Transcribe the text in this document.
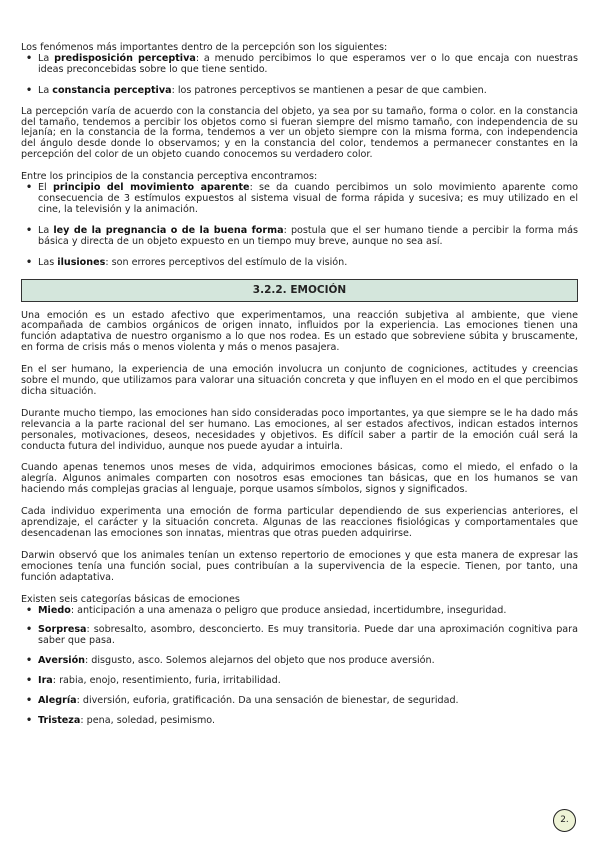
Los fenómenos más importantes dentro de la percepción son los siguientes:

• La predisposición perceptiva: a menudo percibimos lo que esperamos ver o lo que encaja con nuestras ideas preconcebidas sobre lo que tiene sentido.
• La constancia perceptiva: los patrones perceptivos se mantienen a pesar de que cambien.

La percepción varía de acuerdo con la constancia del objeto, ya sea por su tamaño, forma o color. en la constancia del tamaño, tendemos a percibir los objetos como si fueran siempre del mismo tamaño, con independencia de su lejanía; en la constancia de la forma, tendemos a ver un objeto siempre con la misma forma, con independencia del ángulo desde donde lo observamos; y en la constancia del color, tendemos a permanecer constantes en la percepción del color de un objeto cuando conocemos su verdadero color.

Entre los principios de la constancia perceptiva encontramos:

• El principio del movimiento aparente: se da cuando percibimos un solo movimiento aparente como consecuencia de 3 estímulos expuestos al sistema visual de forma rápida y sucesiva; es muy utilizado en el cine, la televisión y la animación.
• La ley de la pregnancia o de la buena forma: postula que el ser humano tiende a percibir la forma más básica y directa de un objeto expuesto en un tiempo muy breve, aunque no sea así.
• Las ilusiones: son errores perceptivos del estímulo de la visión.
3.2.2. EMOCIÓN

Una emoción es un estado afectivo que experimentamos, una reacción subjetiva al ambiente, que viene acompañada de cambios orgánicos de origen innato, influidos por la experiencia. Las emociones tienen una función adaptativa de nuestro organismo a lo que nos rodea. Es un estado que sobreviene súbita y bruscamente, en forma de crisis más o menos violenta y más o menos pasajera.

En el ser humano, la experiencia de una emoción involucra un conjunto de cogniciones, actitudes y creencias sobre el mundo, que utilizamos para valorar una situación concreta y que influyen en el modo en el que percibimos dicha situación.

Durante mucho tiempo, las emociones han sido consideradas poco importantes, ya que siempre se le ha dado más relevancia a la parte racional del ser humano. Las emociones, al ser estados afectivos, indican estados internos personales, motivaciones, deseos, necesidades y objetivos. Es difícil saber a partir de la emoción cuál será la conducta futura del individuo, aunque nos puede ayudar a intuirla.

Cuando apenas tenemos unos meses de vida, adquirimos emociones básicas, como el miedo, el enfado o la alegría. Algunos animales comparten con nosotros esas emociones tan básicas, que en los humanos se van haciendo más complejas gracias al lenguaje, porque usamos símbolos, signos y significados.

Cada individuo experimenta una emoción de forma particular dependiendo de sus experiencias anteriores, el aprendizaje, el carácter y la situación concreta. Algunas de las reacciones fisiológicas y comportamentales que desencadenan las emociones son innatas, mientras que otras pueden adquirirse.

Darwin observó que los animales tenían un extenso repertorio de emociones y que esta manera de expresar las emociones tenía una función social, pues contribuían a la supervivencia de la especie. Tienen, por tanto, una función adaptativa.

Existen seis categorías básicas de emociones

• Miedo: anticipación a una amenaza o peligro que produce ansiedad, incertidumbre, inseguridad.
• Sorpresa: sobresalto, asombro, desconcierto. Es muy transitoria. Puede dar una aproximación cognitiva para saber que pasa.
• Aversión: disgusto, asco. Solemos alejarnos del objeto que nos produce aversión.
• Ira: rabia, enojo, resentimiento, furia, irritabilidad.
• Alegría: diversión, euforia, gratificación. Da una sensación de bienestar, de seguridad.
• Tristeza: pena, soledad, pesimismo.
2.
